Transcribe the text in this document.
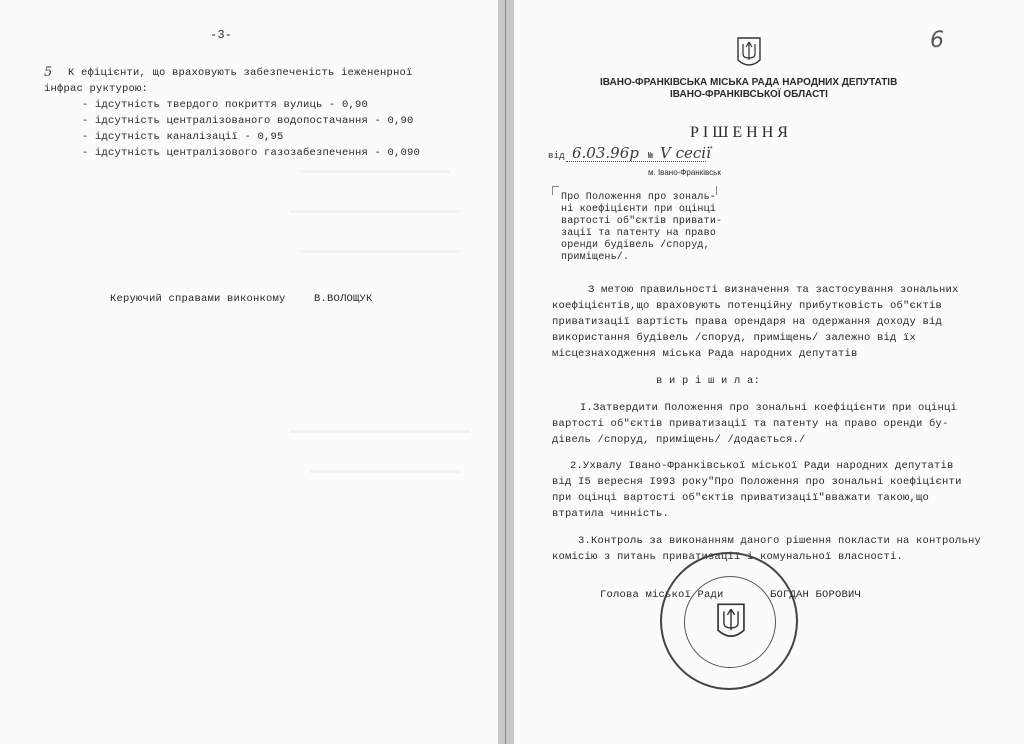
-3-
5 К ефіцієнти, що враховують забезпеченість іежененрної
інфрас руктурою:
- ідсутність твердого покриття вулиць - 0,90
- ідсутність централізованого водопостачання - 0,90
- ідсутність каналізації - 0,95
- ідсутність централізового газозабезпечення - 0,090
Керуючий справами виконкому	В.ВОЛОЩУК
6
ІВАНО-ФРАНКІВСЬКА МІСЬКА РАДА НАРОДНИХ ДЕПУТАТІВ
ІВАНО-ФРАНКІВСЬКОЇ ОБЛАСТІ
РІШЕННЯ
від 6.03.96р № V сесії
м. Івано-Франківськ
Про Положення про зональ-
ні коефіцієнти при оцінці
вартості об"єктів привати-
зації та патенту на право
оренди будівель /споруд,
приміщень/.
З метою правильності визначення та застосування зональних
коефіцієнтів,що враховують потенційну прибутковість об"єктів
приватизації вартість права орендаря на одержання доходу від
використання будівель /споруд, приміщень/ залежно від їх
місцезнаходження міська Рада народних депутатів
в и р і ш и л а:
І.Затвердити Положення про зональні коефіцієнти при оцінці
вартості об"єктів приватизації та патенту на право оренди бу-
дівель /споруд, приміщень/ /додається./
2.Ухвалу Івано-Франківської міської Ради народних депутатів
від І5 вересня І993 року"Про Положення про зональні коефіцієнти
при оцінці вартості об"єктів приватизації"вважати такою,що
втратила чинність.
3.Контроль за виконанням даного рішення покласти на контрольну
комісію з питань приватизації і комунальної власності.
Голова міської Ради	БОГДАН БОРОВИЧ
